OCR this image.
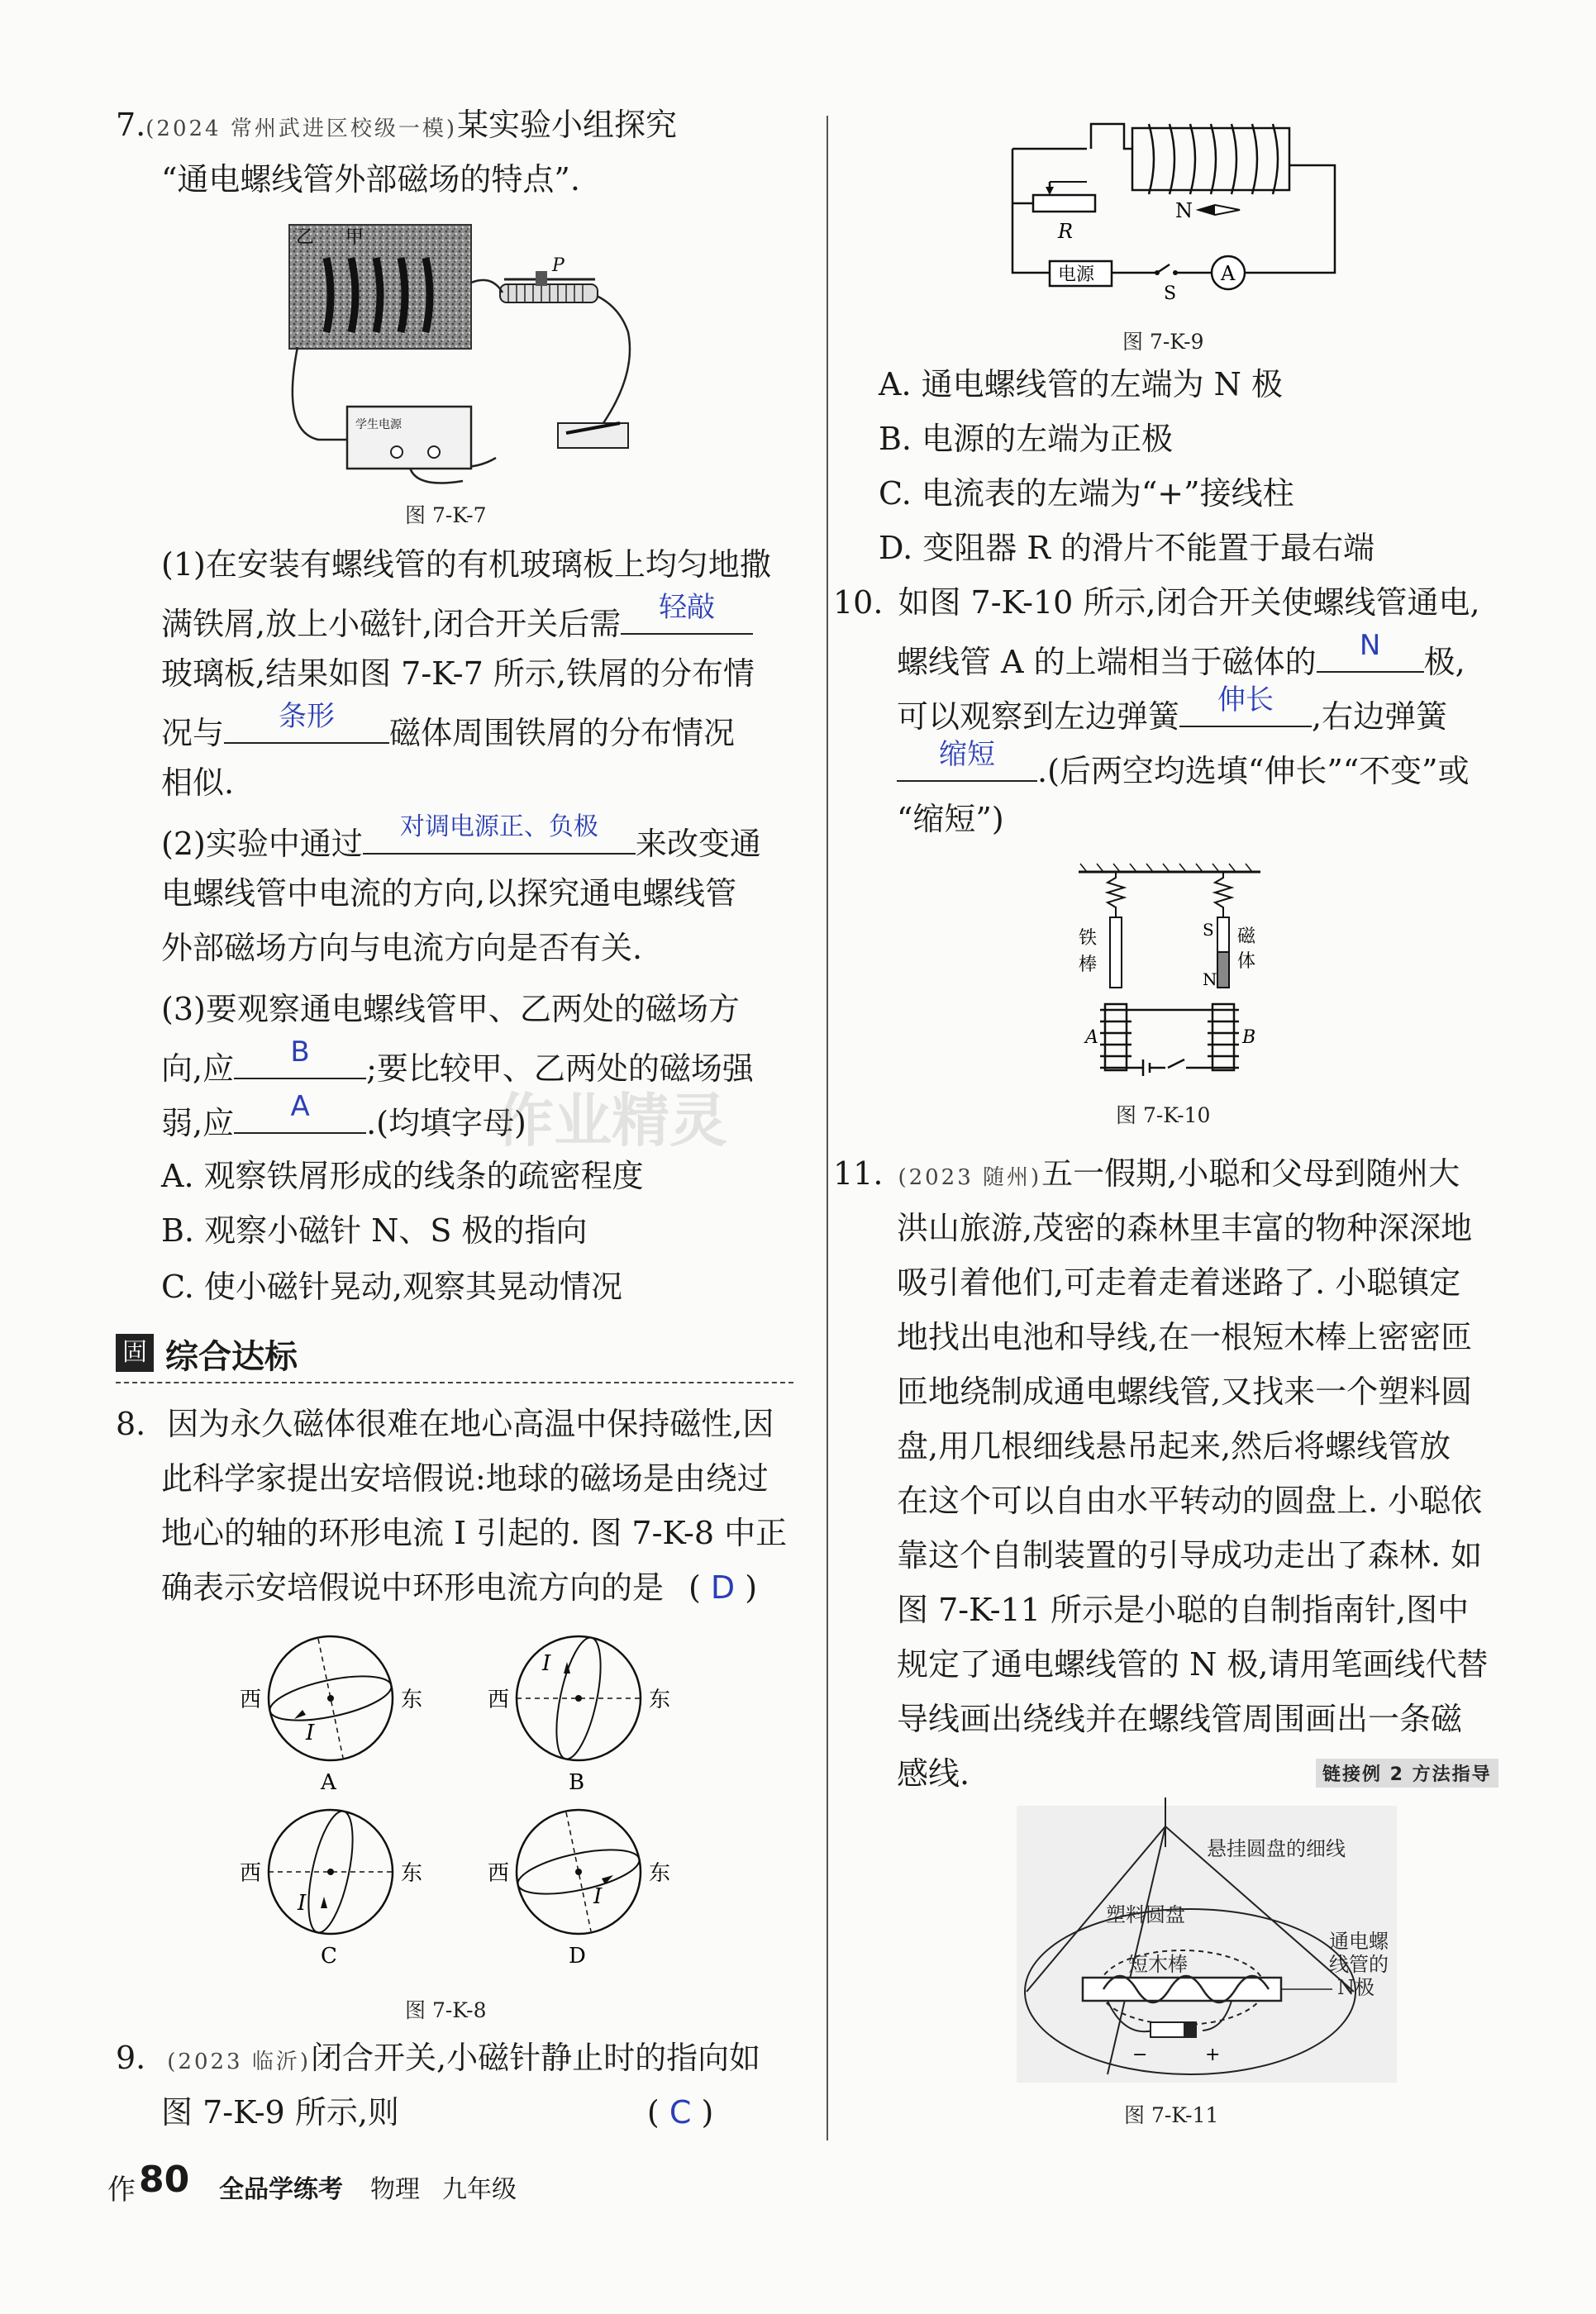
7.(2024 常州武进区校级一模)某实验小组探究
“通电螺线管外部磁场的特点”.
乙 甲
P
学生电源
图 7-K-7
(1)在安装有螺线管的有机玻璃板上均匀地撒
满铁屑,放上小磁针,闭合开关后需	轻敲
玻璃板,结果如图 7-K-7 所示,铁屑的分布情
况与	条形	磁体周围铁屑的分布情况
相似.
(2)实验中通过	对调电源正、负极	来改变通
电螺线管中电流的方向,以探究通电螺线管
外部磁场方向与电流方向是否有关.
(3)要观察通电螺线管甲、乙两处的磁场方
向,应	B	;要比较甲、乙两处的磁场强
弱,应	A	.(均填字母)
A. 观察铁屑形成的线条的疏密程度
B. 观察小磁针 N、S 极的指向
C. 使小磁针晃动,观察其晃动情况
作业精灵
固 综合达标
8. 因为永久磁体很难在地心高温中保持磁性,因
此科学家提出安培假说:地球的磁场是由绕过
地心的轴的环形电流 I 引起的. 图 7-K-8 中正
确表示安培假说中环形电流方向的是 ( D )
I
西	东
A
I
西	东
B
I
西	东
C
I
西	东
D
图 7-K-8
9. (2023 临沂)闭合开关,小磁针静止时的指向如
图 7-K-9 所示,则	( C )
作 80 全品学练考 物理 九年级
R
N
电源
S
A
图 7-K-9
A. 通电螺线管的左端为 N 极
B. 电源的左端为正极
C. 电流表的左端为“+”接线柱
D. 变阻器 R 的滑片不能置于最右端
10. 如图 7-K-10 所示,闭合开关使螺线管通电,
螺线管 A 的上端相当于磁体的	N	极,
可以观察到左边弹簧	伸长	,右边弹簧
缩短	.(后两空均选填“伸长”“不变”或
“缩短”)
铁
棒
磁
体
S
N
A	B
图 7-K-10
11. (2023 随州)五一假期,小聪和父母到随州大
洪山旅游,茂密的森林里丰富的物种深深地
吸引着他们,可走着走着迷路了. 小聪镇定
地找出电池和导线,在一根短木棒上密密匝
匝地绕制成通电螺线管,又找来一个塑料圆
盘,用几根细线悬吊起来,然后将螺线管放
在这个可以自由水平转动的圆盘上. 小聪依
靠这个自制装置的引导成功走出了森林. 如
图 7-K-11 所示是小聪的自制指南针,图中
规定了通电螺线管的 N 极,请用笔画线代替
导线画出绕线并在螺线管周围画出一条磁
感线.	链接例 2 方法指导
−	+
悬挂圆盘的细线
塑料圆盘
短木棒
通电螺
线管的
N极
图 7-K-11
